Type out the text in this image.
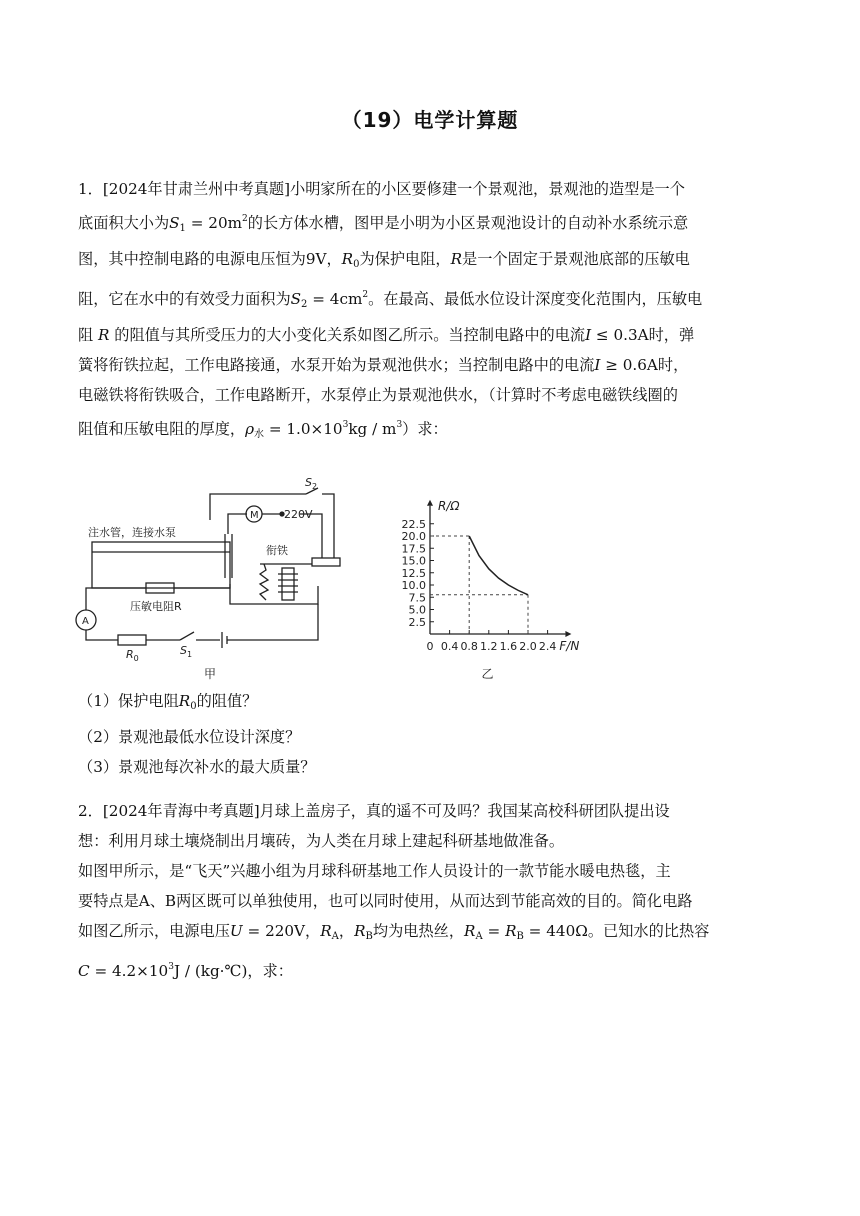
（19）电学计算题
1．[2024年甘肃兰州中考真题]小明家所在的小区要修建一个景观池，景观池的造型是一个
底面积大小为$S_1 = 20m^2$的长方体水槽，图甲是小明为小区景观池设计的自动补水系统示意
图，其中控制电路的电源电压恒为9V，$R_0$为保护电阻，R是一个固定于景观池底部的压敏电
阻，它在水中的有效受力面积为$S_2 = 4cm^2$。在最高、最低水位设计深度变化范围内，压敏电
阻 R 的阻值与其所受压力的大小变化关系如图乙所示。当控制电路中的电流I ≤ 0.3A时，弹
簧将衔铁拉起，工作电路接通，水泵开始为景观池供水；当控制电路中的电流I ≥ 0.6A时，
电磁铁将衔铁吸合，工作电路断开，水泵停止为景观池供水，（计算时不考虑电磁铁线圈的
阻值和压敏电阻的厚度，$\rho_水 = 1.0\times 10^3kg / m^3$）求：
$S_2$
M 220V
注水管，连接水泵
衔铁
压敏电阻R
A
$R_0$
$S_1$
甲
2.5
5.0
7.5
10.0
12.5
15.0
17.5
20.0
22.5
0 0.4 0.8 1.2 1.6 2.0 2.4
R/Ω
F/N
乙
（1）保护电阻$R_0$的阻值？
（2）景观池最低水位设计深度？
（3）景观池每次补水的最大质量？
2．[2024年青海中考真题]月球上盖房子，真的遥不可及吗？我国某高校科研团队提出设
想：利用月球土壤烧制出月壤砖，为人类在月球上建起科研基地做准备。
如图甲所示，是“飞天”兴趣小组为月球科研基地工作人员设计的一款节能水暖电热毯，主
要特点是A、B两区既可以单独使用，也可以同时使用，从而达到节能高效的目的。简化电路
如图乙所示，电源电压U = 220V，$R_A$，$R_B$均为电热丝，$R_A = R_B = 440\Omega$。已知水的比热容
$C = 4.2\times 10^3J$ / (kg·℃)，求：
